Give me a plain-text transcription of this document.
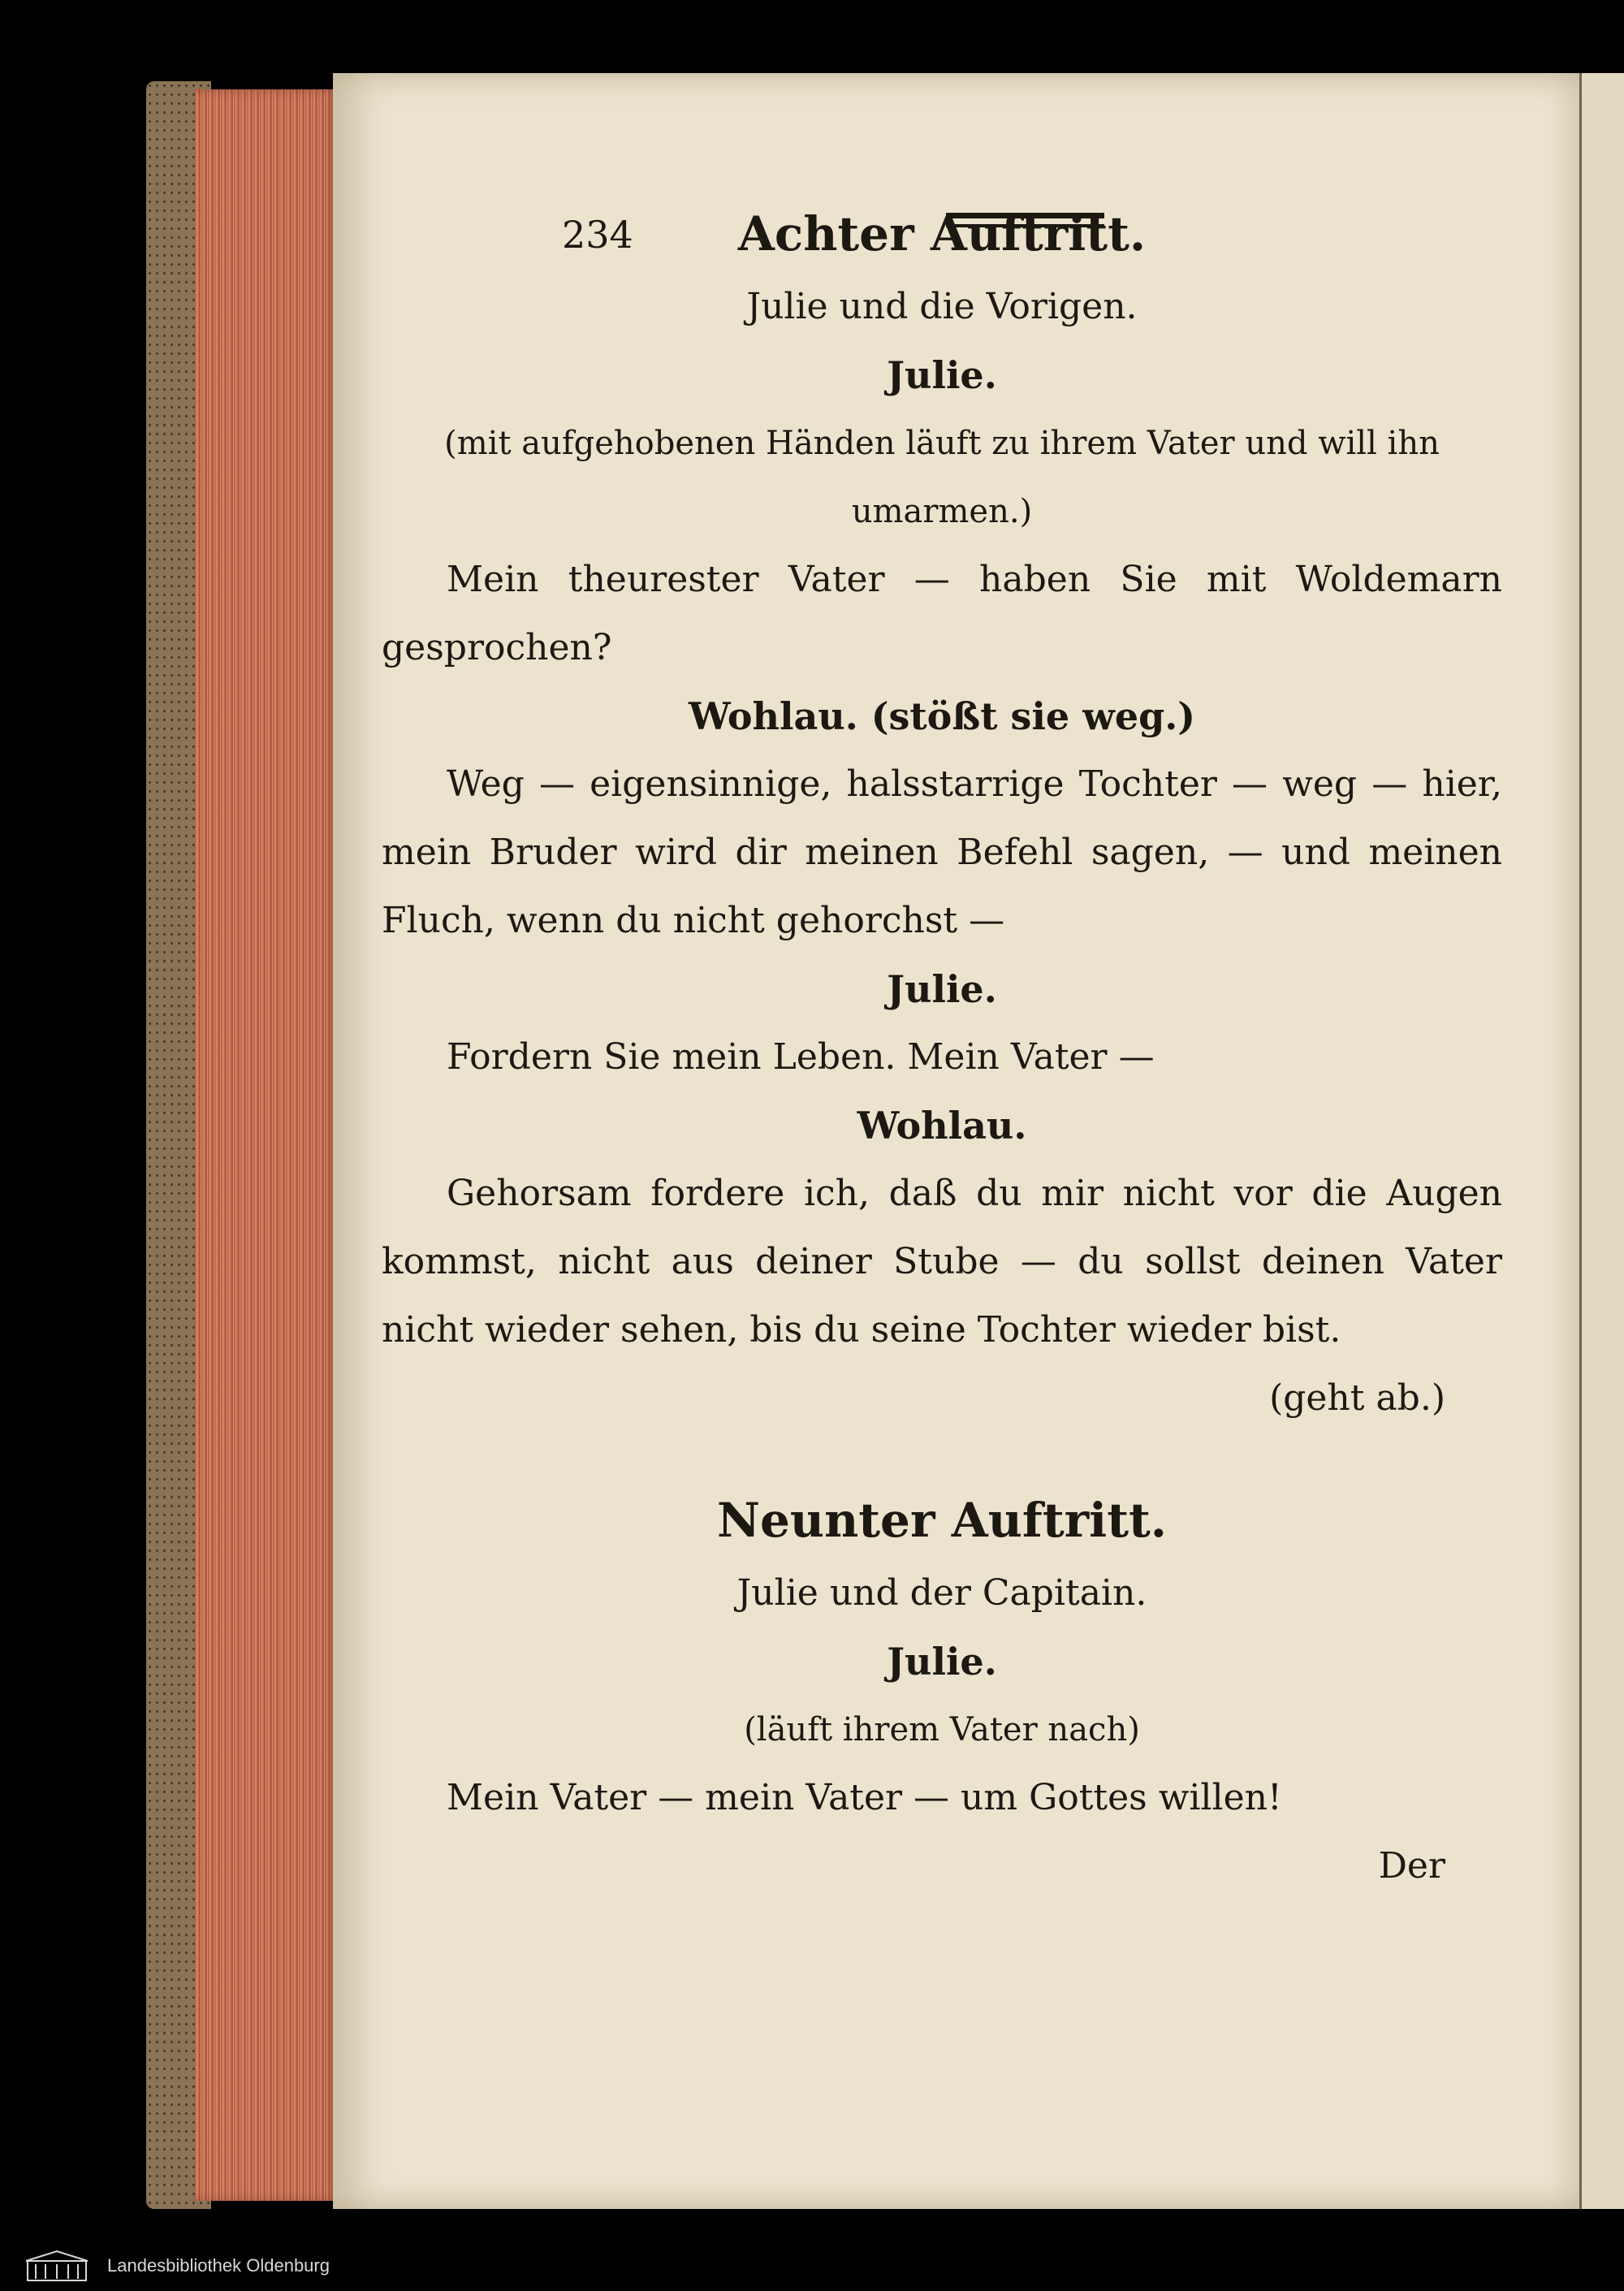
234	Achter Auftritt.
Julie und die Vorigen.
Julie.
(mit aufgehobenen Händen läuft zu ihrem Vater und will ihn umarmen.)
Mein theurester Vater — haben Sie mit Woldemarn gesprochen?
Wohlau. (stößt sie weg.)
Weg — eigensinnige, halsstarrige Tochter — weg — hier, mein Bruder wird dir meinen Befehl sagen, — und meinen Fluch, wenn du nicht gehorchst —
Julie.
Fordern Sie mein Leben. Mein Vater —
Wohlau.
Gehorsam fordere ich, daß du mir nicht vor die Augen kommst, nicht aus deiner Stube — du sollst deinen Vater nicht wieder sehen, bis du seine Tochter wieder bist.
(geht ab.)
Neunter Auftritt.
Julie und der Capitain.
Julie.
(läuft ihrem Vater nach)
Mein Vater — mein Vater — um Gottes willen!
Der
Landesbibliothek Oldenburg
